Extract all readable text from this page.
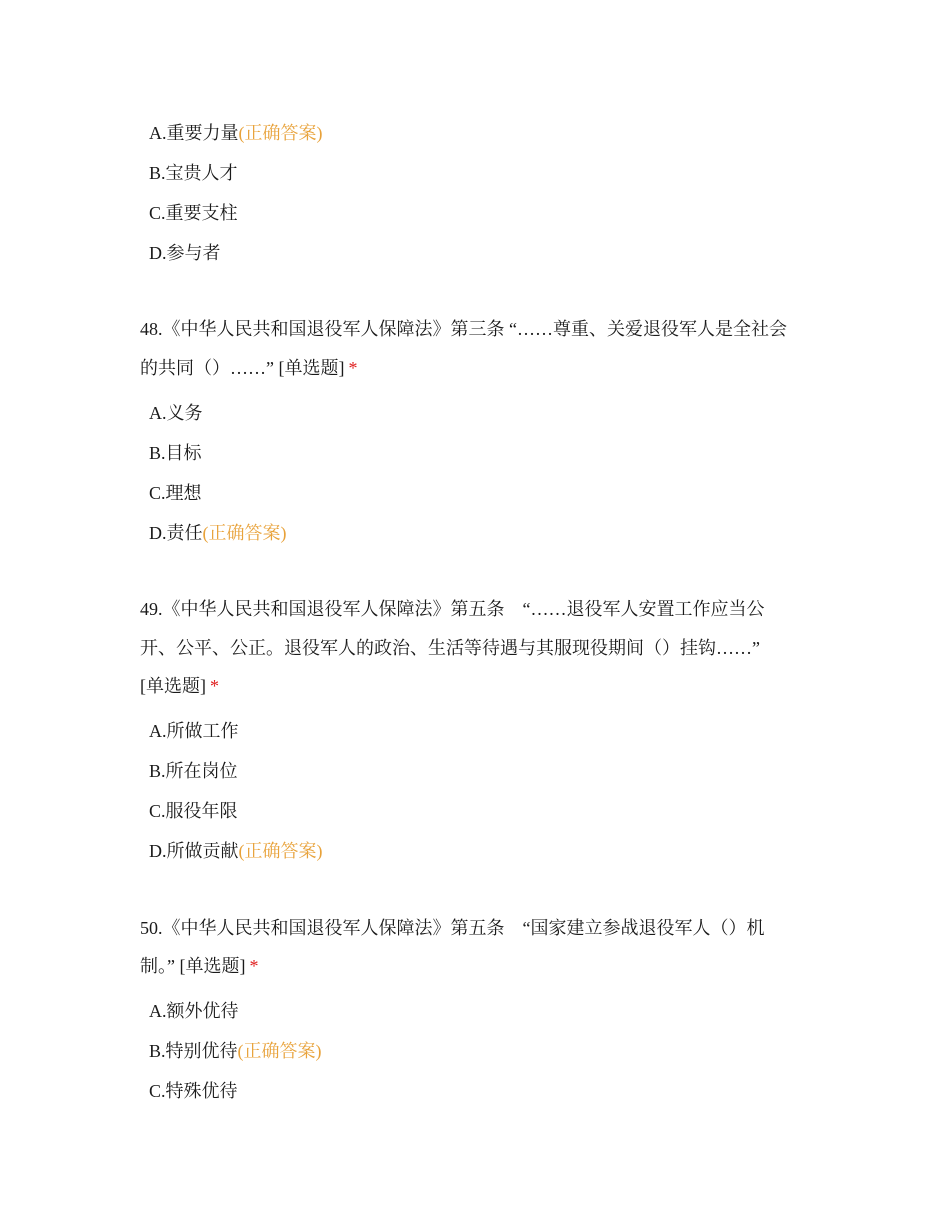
A.重要力量(正确答案)
B.宝贵人才
C.重要支柱
D.参与者
48.《中华人民共和国退役军人保障法》第三条 “……尊重、关爱退役军人是全社会
的共同（）……” [单选题] *
A.义务
B.目标
C.理想
D.责任(正确答案)
49.《中华人民共和国退役军人保障法》第五条　“……退役军人安置工作应当公
开、公平、公正。退役军人的政治、生活等待遇与其服现役期间（）挂钩……”
[单选题] *
A.所做工作
B.所在岗位
C.服役年限
D.所做贡献(正确答案)
50.《中华人民共和国退役军人保障法》第五条　“国家建立参战退役军人（）机
制。” [单选题] *
A.额外优待
B.特别优待(正确答案)
C.特殊优待
